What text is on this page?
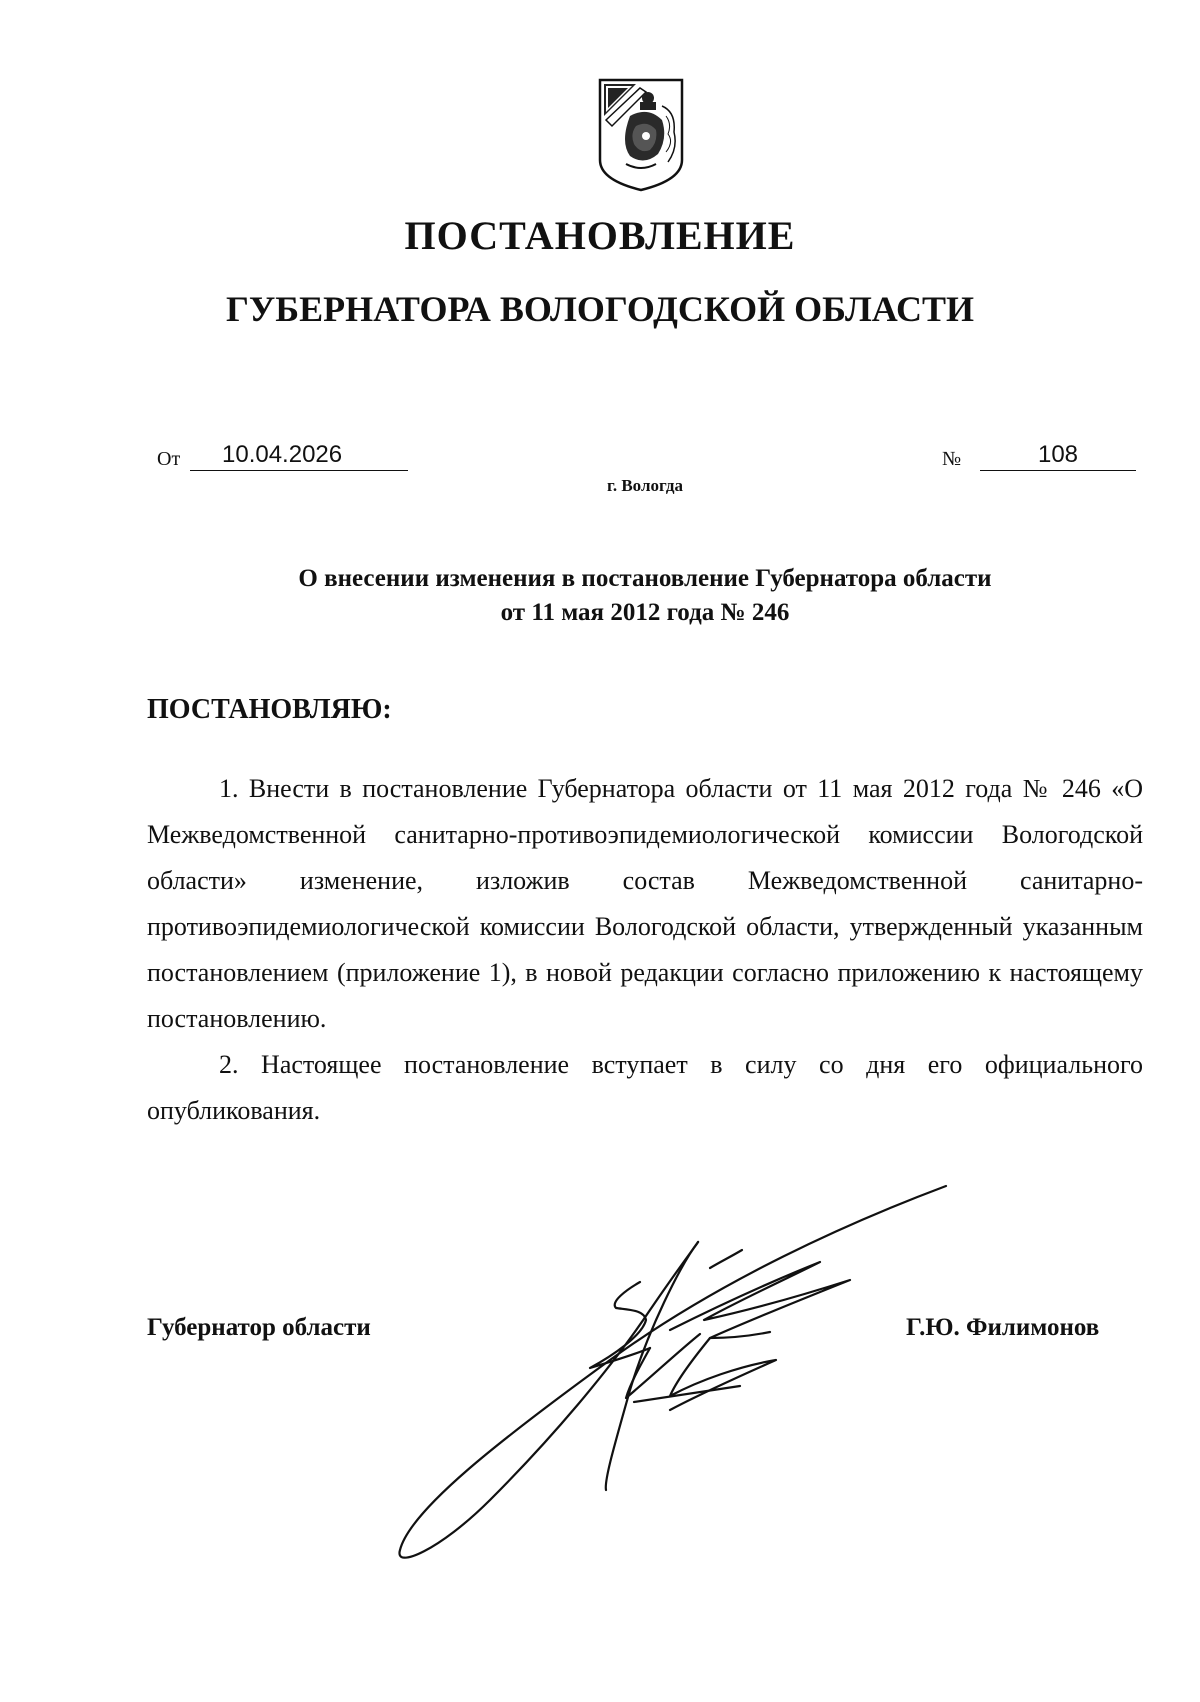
ПОСТАНОВЛЕНИЕ
ГУБЕРНАТОРА ВОЛОГОДСКОЙ ОБЛАСТИ
От	10.04.2026	№	108
г. Вологда
О внесении изменения в постановление Губернатора области
от 11 мая 2012 года № 246
ПОСТАНОВЛЯЮ:

1. Внести в постановление Губернатора области от 11 мая 2012 года № 246 «О Межведомственной санитарно-противоэпидемиологической комиссии Вологодской области» изменение, изложив состав Межведомственной санитарно-противоэпидемиологической комиссии Вологодской области, утвержденный указанным постановлением (приложение 1), в новой редакции согласно приложению к настоящему постановлению.

2. Настоящее постановление вступает в силу со дня его официального опубликования.

Губернатор области	Г.Ю. Филимонов
